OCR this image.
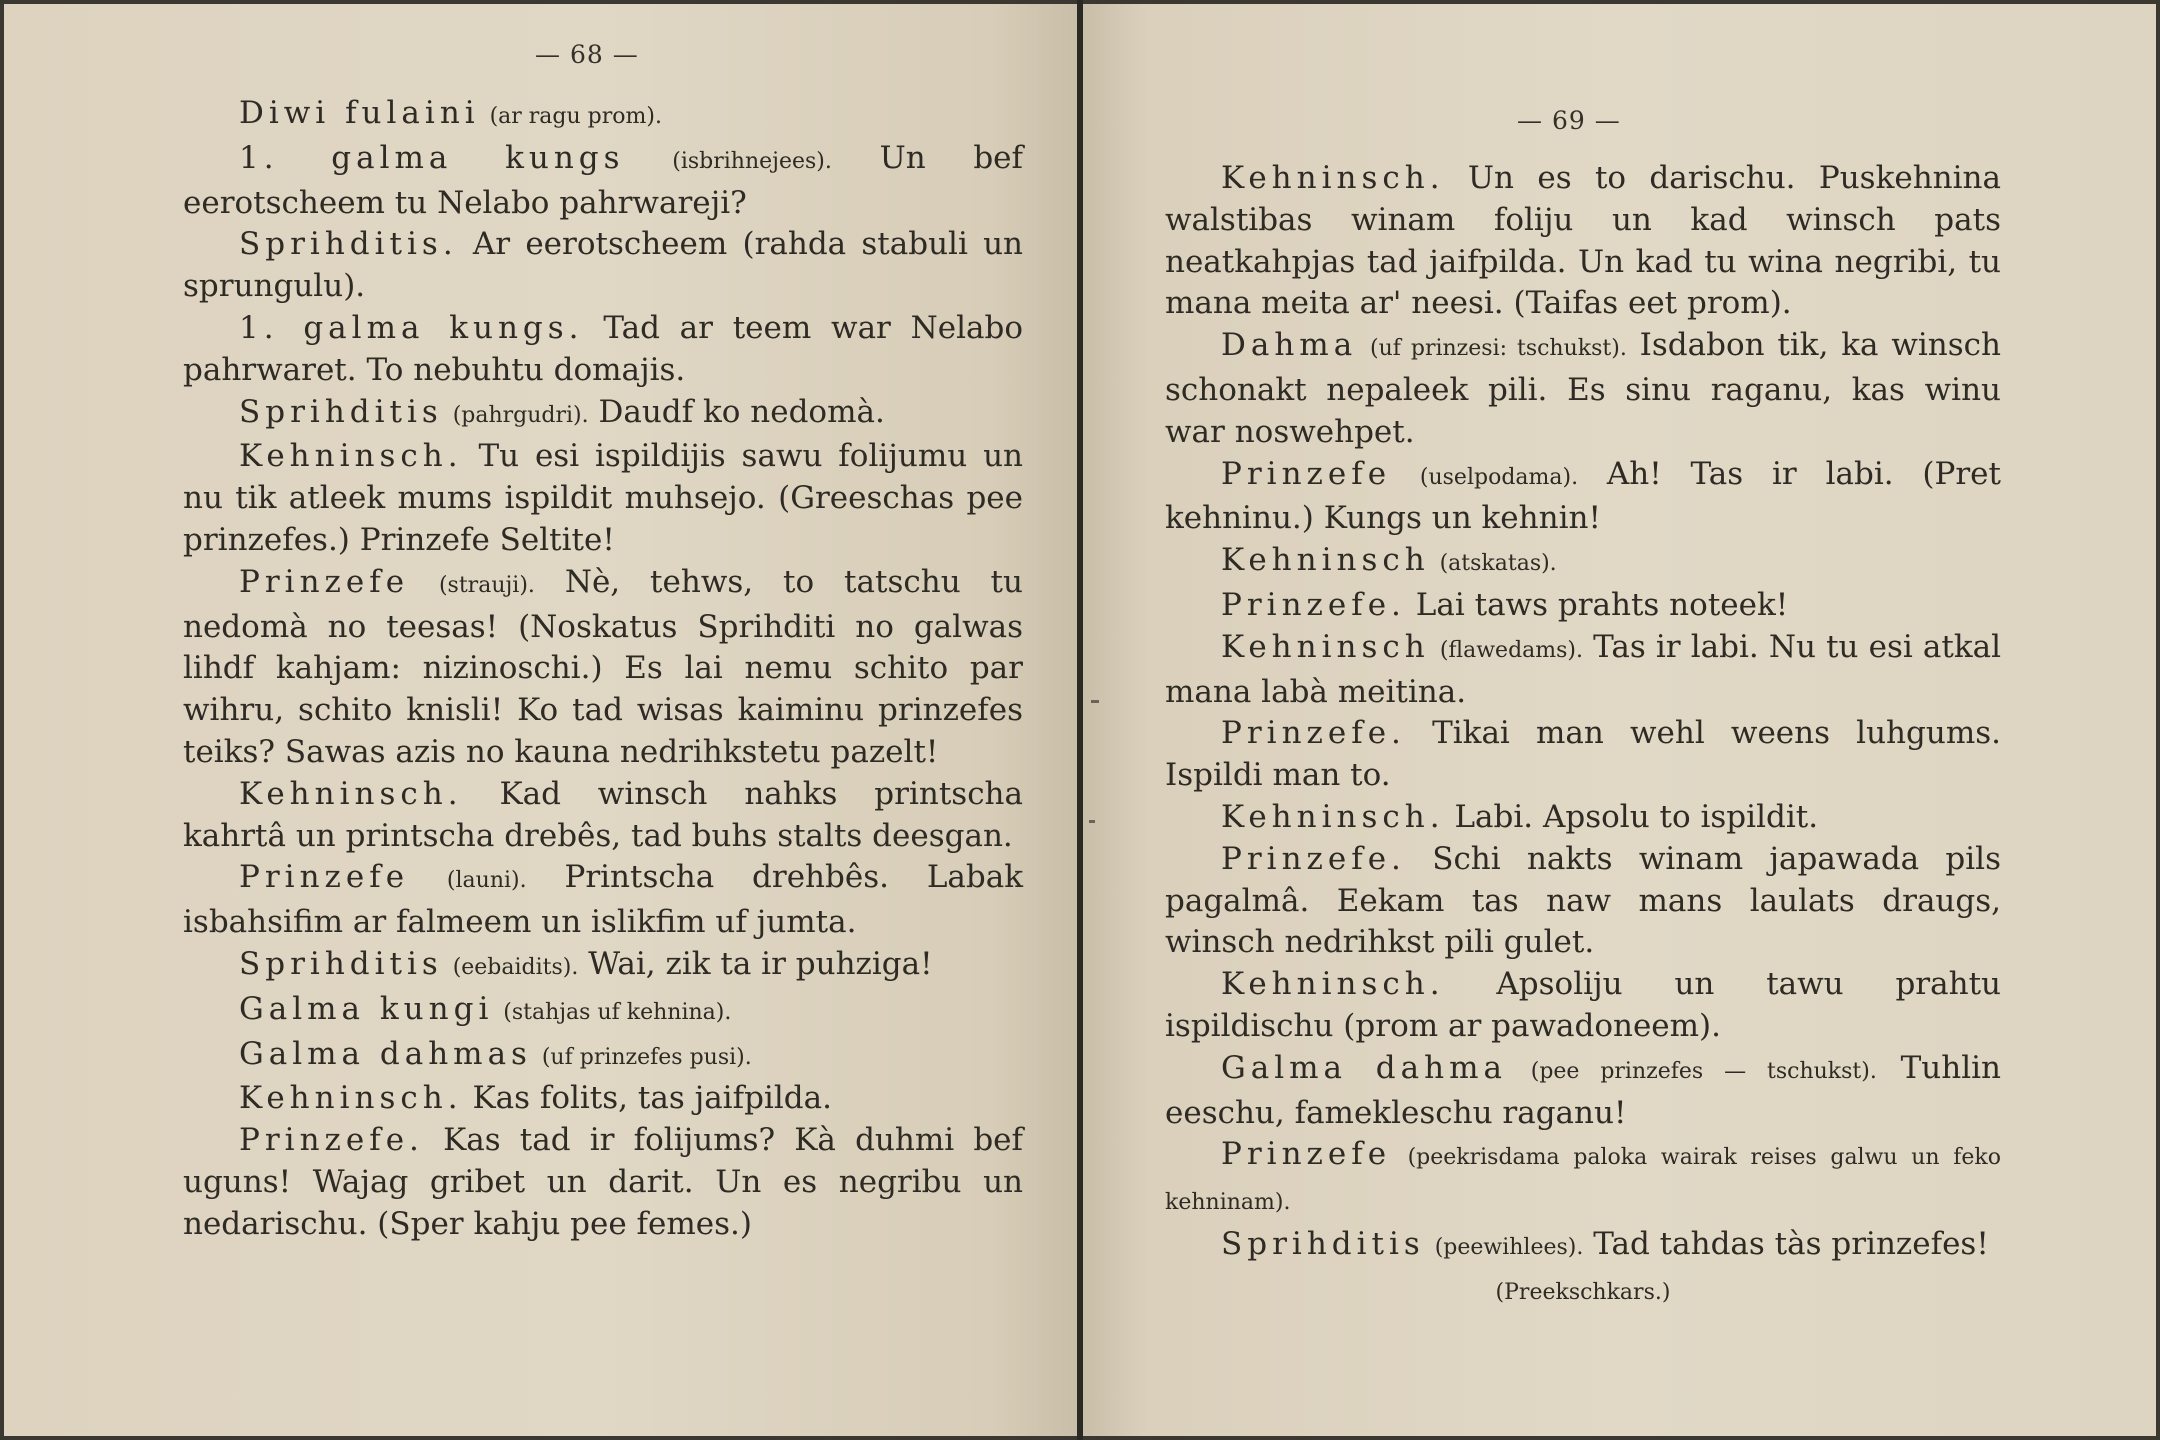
— 68 —
— 69 —

Diwi fulaini (ar ragu prom).

1. galma kungs (isbrihnejees). Un bef eerotscheem tu Nelabo pahrwareji?

Sprihditis. Ar eerotscheem (rahda stabuli un sprungulu).

1. galma kungs. Tad ar teem war Nelabo pahrwaret. To nebuhtu domajis.

Sprihditis (pahrgudri). Daudf ko nedomà.

Kehninsch. Tu esi ispildijis sawu folijumu un nu tik atleek mums ispildit muhsejo. (Greeschas pee prinzefes.) Prinzefe Seltite!

Prinzefe (strauji). Nè, tehws, to tatschu tu nedomà no teesas! (Noskatus Sprihditi no galwas lihdf kahjam: nizinoschi.) Es lai nemu schito par wihru, schito knisli! Ko tad wisas kaiminu prinzefes teiks? Sawas azis no kauna nedrihkstetu pazelt!

Kehninsch. Kad winsch nahks printscha kahrtâ un printscha drebês, tad buhs stalts deesgan.

Prinzefe (launi). Printscha drehbês. Labak isbahsifim ar falmeem un islikfim uf jumta.

Sprihditis (eebaidits). Wai, zik ta ir puhziga!

Galma kungi (stahjas uf kehnina).

Galma dahmas (uf prinzefes pusi).

Kehninsch. Kas folits, tas jaifpilda.

Prinzefe. Kas tad ir folijums? Kà duhmi bef uguns! Wajag gribet un darit. Un es negribu un nedarischu. (Sper kahju pee femes.)

Kehninsch. Un es to darischu. Puskehnina walstibas winam foliju un kad winsch pats neatkahpjas tad jaifpilda. Un kad tu wina negribi, tu mana meita ar' neesi. (Taifas eet prom).

Dahma (uf prinzesi: tschukst). Isdabon tik, ka winsch schonakt nepaleek pili. Es sinu raganu, kas winu war noswehpet.

Prinzefe (uselpodama). Ah! Tas ir labi. (Pret kehninu.) Kungs un kehnin!

Kehninsch (atskatas).

Prinzefe. Lai taws prahts noteek!

Kehninsch (flawedams). Tas ir labi. Nu tu esi atkal mana labà meitina.

Prinzefe. Tikai man wehl weens luhgums. Ispildi man to.

Kehninsch. Labi. Apsolu to ispildit.

Prinzefe. Schi nakts winam japawada pils pagalmâ. Eekam tas naw mans laulats draugs, winsch nedrihkst pili gulet.

Kehninsch. Apsoliju un tawu prahtu ispildischu (prom ar pawadoneem).

Galma dahma (pee prinzefes — tschukst). Tuhlin eeschu, famekleschu raganu!

Prinzefe (peekrisdama paloka wairak reises galwu un feko kehninam).

Sprihditis (peewihlees). Tad tahdas tàs prinzefes!

(Preekschkars.)
